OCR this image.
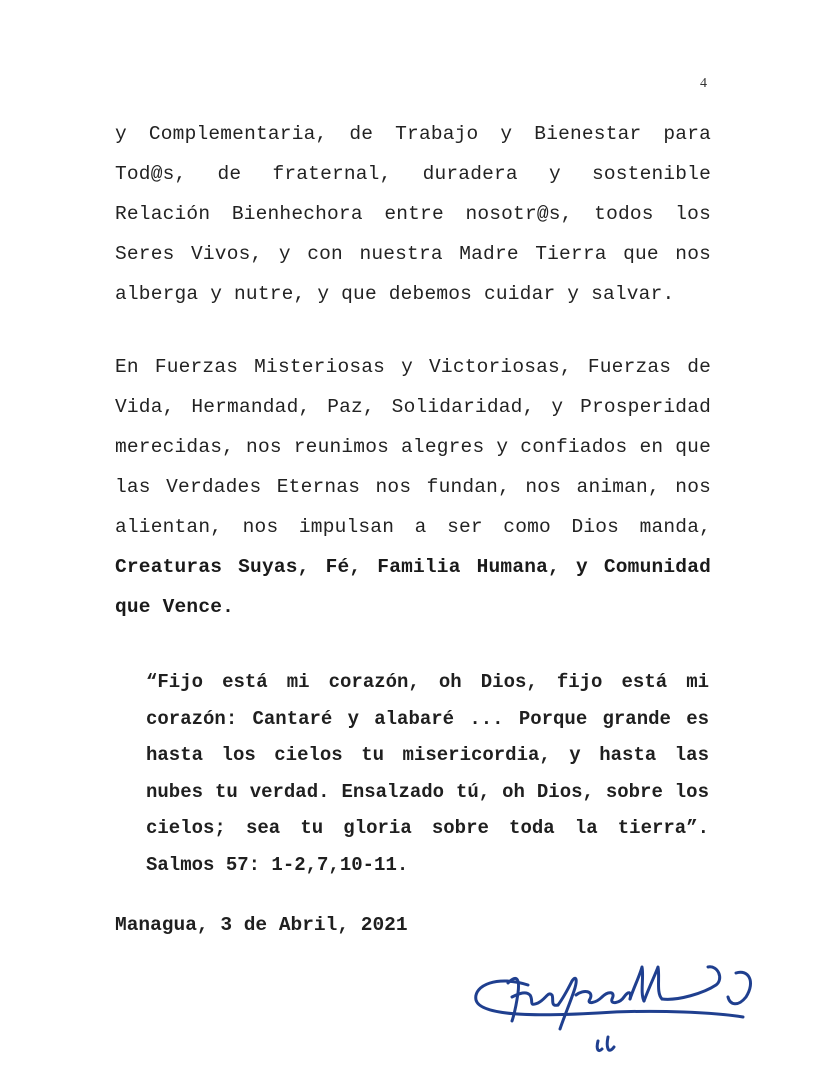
4

y Complementaria, de Trabajo y Bienestar para Tod@s, de fraternal, duradera y sostenible Relación Bienhechora entre nosotr@s, todos los Seres Vivos, y con nuestra Madre Tierra que nos alberga y nutre, y que debemos cuidar y salvar.

En Fuerzas Misteriosas y Victoriosas, Fuerzas de Vida, Hermandad, Paz, Solidaridad, y Prosperidad merecidas, nos reunimos alegres y confiados en que las Verdades Eternas nos fundan, nos animan, nos alientan, nos impulsan a ser como Dios manda, Creaturas Suyas, Fé, Familia Humana, y Comunidad que Vence.

“Fijo está mi corazón, oh Dios, fijo está mi corazón: Cantaré y alabaré ... Porque grande es hasta los cielos tu misericordia, y hasta las nubes tu verdad. Ensalzado tú, oh Dios, sobre los cielos; sea tu gloria sobre toda la tierra”. Salmos 57: 1-2,7,10-11.

Managua, 3 de Abril, 2021
